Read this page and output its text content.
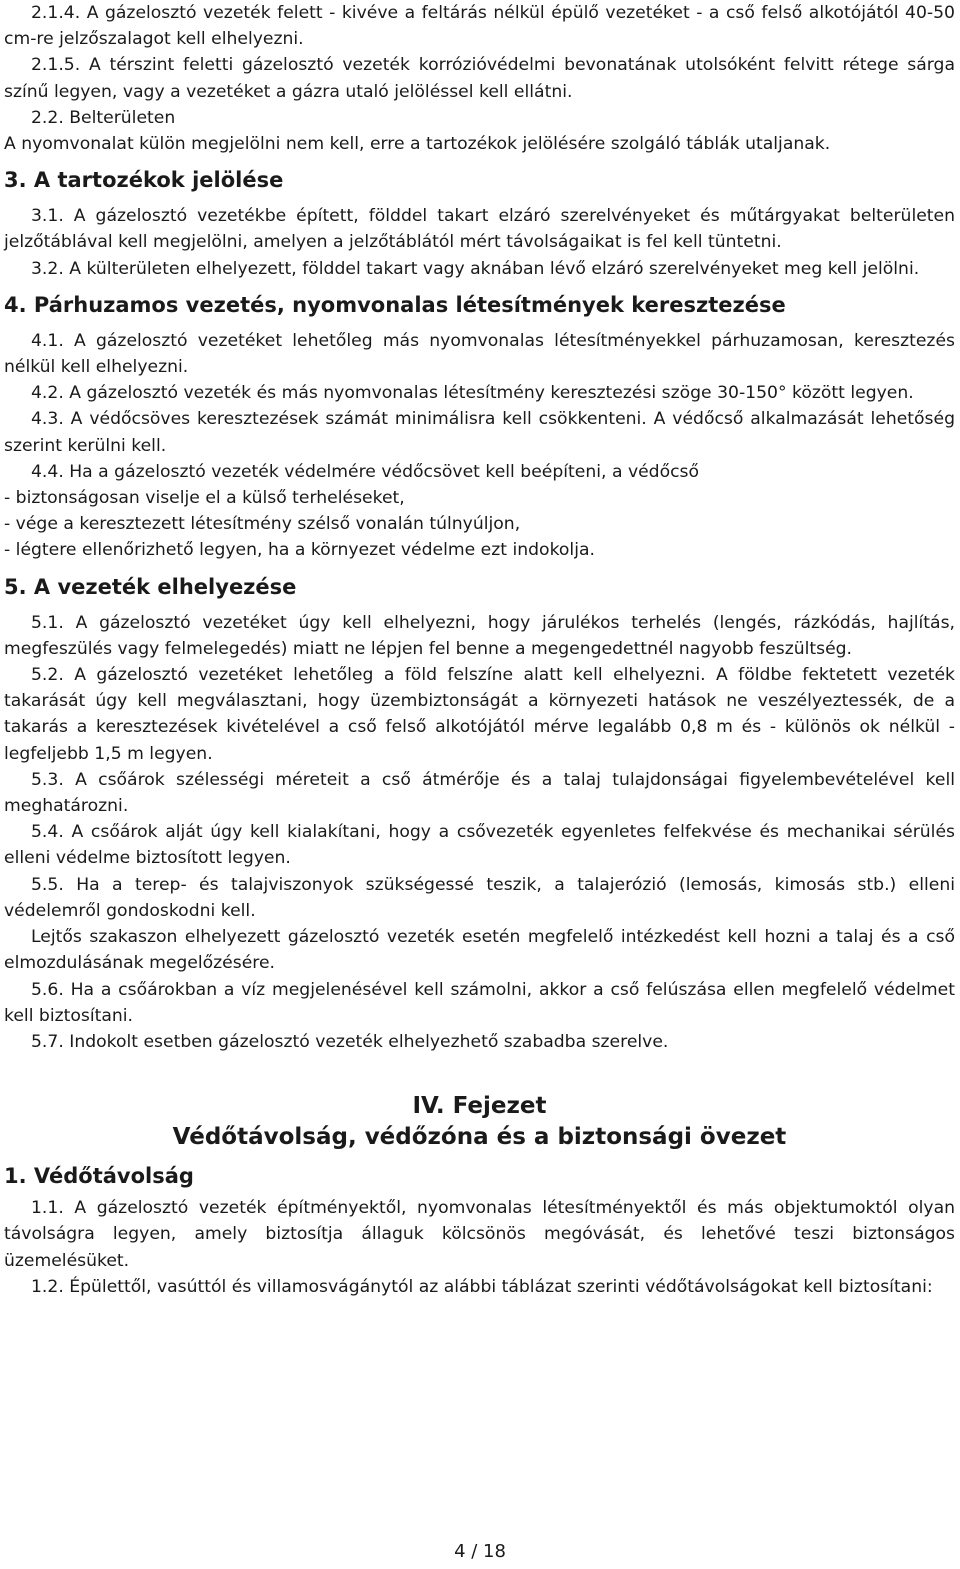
2.1.4. A gázelosztó vezeték felett - kivéve a feltárás nélkül épülő vezetéket - a cső felső alkotójától 40-50 cm-re jelzőszalagot kell elhelyezni.

2.1.5. A térszint feletti gázelosztó vezeték korrózióvédelmi bevonatának utolsóként felvitt rétege sárga színű legyen, vagy a vezetéket a gázra utaló jelöléssel kell ellátni.

2.2. Belterületen

A nyomvonalat külön megjelölni nem kell, erre a tartozékok jelölésére szolgáló táblák utaljanak.

3. A tartozékok jelölése

3.1. A gázelosztó vezetékbe épített, földdel takart elzáró szerelvényeket és műtárgyakat belterületen jelzőtáblával kell megjelölni, amelyen a jelzőtáblától mért távolságaikat is fel kell tüntetni.

3.2. A külterületen elhelyezett, földdel takart vagy aknában lévő elzáró szerelvényeket meg kell jelölni.

4. Párhuzamos vezetés, nyomvonalas létesítmények keresztezése

4.1. A gázelosztó vezetéket lehetőleg más nyomvonalas létesítményekkel párhuzamosan, keresztezés nélkül kell elhelyezni.

4.2. A gázelosztó vezeték és más nyomvonalas létesítmény keresztezési szöge 30-150° között legyen.

4.3. A védőcsöves keresztezések számát minimálisra kell csökkenteni. A védőcső alkalmazását lehetőség szerint kerülni kell.

4.4. Ha a gázelosztó vezeték védelmére védőcsövet kell beépíteni, a védőcső

- biztonságosan viselje el a külső terheléseket,

- vége a keresztezett létesítmény szélső vonalán túlnyúljon,

- légtere ellenőrizhető legyen, ha a környezet védelme ezt indokolja.

5. A vezeték elhelyezése

5.1. A gázelosztó vezetéket úgy kell elhelyezni, hogy járulékos terhelés (lengés, rázkódás, hajlítás, megfeszülés vagy felmelegedés) miatt ne lépjen fel benne a megengedettnél nagyobb feszültség.

5.2. A gázelosztó vezetéket lehetőleg a föld felszíne alatt kell elhelyezni. A földbe fektetett vezeték takarását úgy kell megválasztani, hogy üzembiztonságát a környezeti hatások ne veszélyeztessék, de a takarás a keresztezések kivételével a cső felső alkotójától mérve legalább 0,8 m és - különös ok nélkül - legfeljebb 1,5 m legyen.

5.3. A csőárok szélességi méreteit a cső átmérője és a talaj tulajdonságai figyelembevételével kell meghatározni.

5.4. A csőárok alját úgy kell kialakítani, hogy a csővezeték egyenletes felfekvése és mechanikai sérülés elleni védelme biztosított legyen.

5.5. Ha a terep- és talajviszonyok szükségessé teszik, a talajerózió (lemosás, kimosás stb.) elleni védelemről gondoskodni kell.

Lejtős szakaszon elhelyezett gázelosztó vezeték esetén megfelelő intézkedést kell hozni a talaj és a cső elmozdulásának megelőzésére.

5.6. Ha a csőárokban a víz megjelenésével kell számolni, akkor a cső felúszása ellen megfelelő védelmet kell biztosítani.

5.7. Indokolt esetben gázelosztó vezeték elhelyezhető szabadba szerelve.

IV. Fejezet

Védőtávolság, védőzóna és a biztonsági övezet

1. Védőtávolság

1.1. A gázelosztó vezeték építményektől, nyomvonalas létesítményektől és más objektumoktól olyan távolságra legyen, amely biztosítja állaguk kölcsönös megóvását, és lehetővé teszi biztonságos üzemelésüket.

1.2. Épülettől, vasúttól és villamosvágánytól az alábbi táblázat szerinti védőtávolságokat kell biztosítani:

4 / 18
